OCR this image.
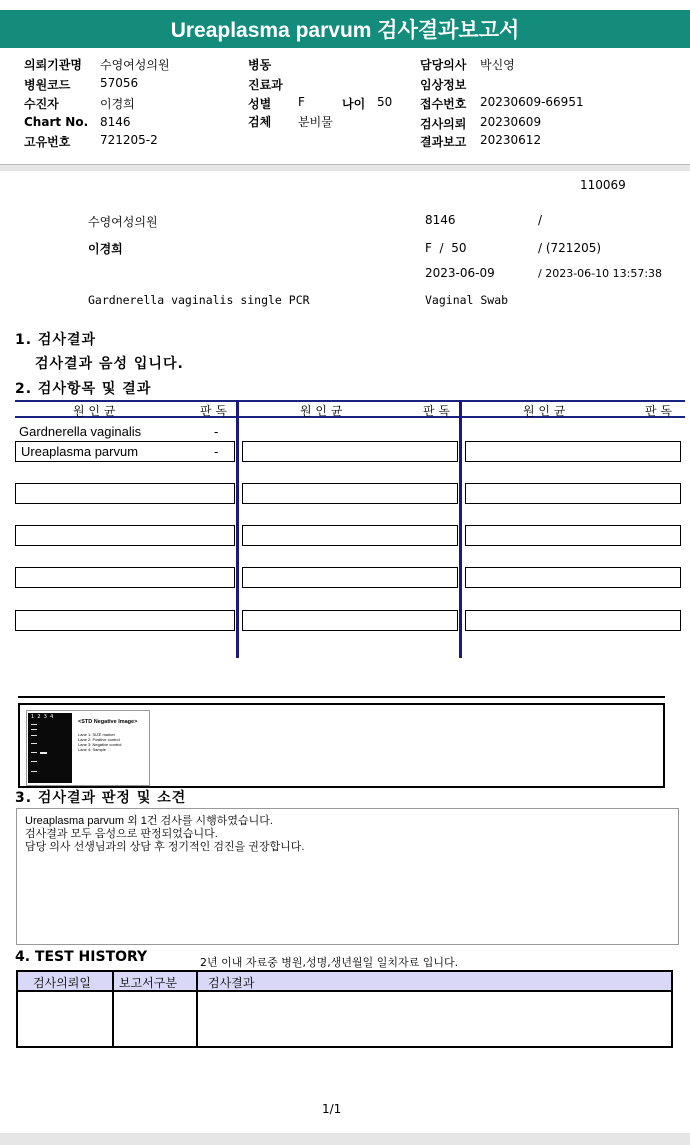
Ureaplasma parvum 검사결과보고서
의뢰기관명 수영여성의원
병원코드 57056
수진자	이경희
Chart No. 8146
고유번호 721205-2
병동
진료과
성별 F	나이 50
검체 분비물
담당의사 박신영
임상정보
접수번호 20230609-66951
검사의뢰 20230609
결과보고 20230612
110069
수영여성의원	8146	/
이경희	F  /  50	/ (721205)
2023-06-09	/ 2023-06-10 13:57:38
Gardnerella vaginalis single PCR	Vaginal Swab
1. 검사결과
검사결과 음성 입니다.
2. 검사항목 및 결과
원 인 균	판 독	원 인 균	판 독	원 인 균	판 독
Gardnerella vaginalis	-
Ureaplasma parvum	-
1  2  3  4
<STD Negative Image>
Lane 1: SIZE marker
Lane 2: Positive control
Lane 3: Negative control
Lane 4: Sample
3. 검사결과 판정 및 소견
Ureaplasma parvum 외 1건 검사를 시행하였습니다.
검사결과 모두 음성으로 판정되었습니다.
담당 의사 선생님과의 상담 후 정기적인 검진을 권장합니다.
4. TEST HISTORY	2년 이내 자료중 병원,성명,생년월일 일치자료 입니다.
검사의뢰일 보고서구분	검사결과
1/1
